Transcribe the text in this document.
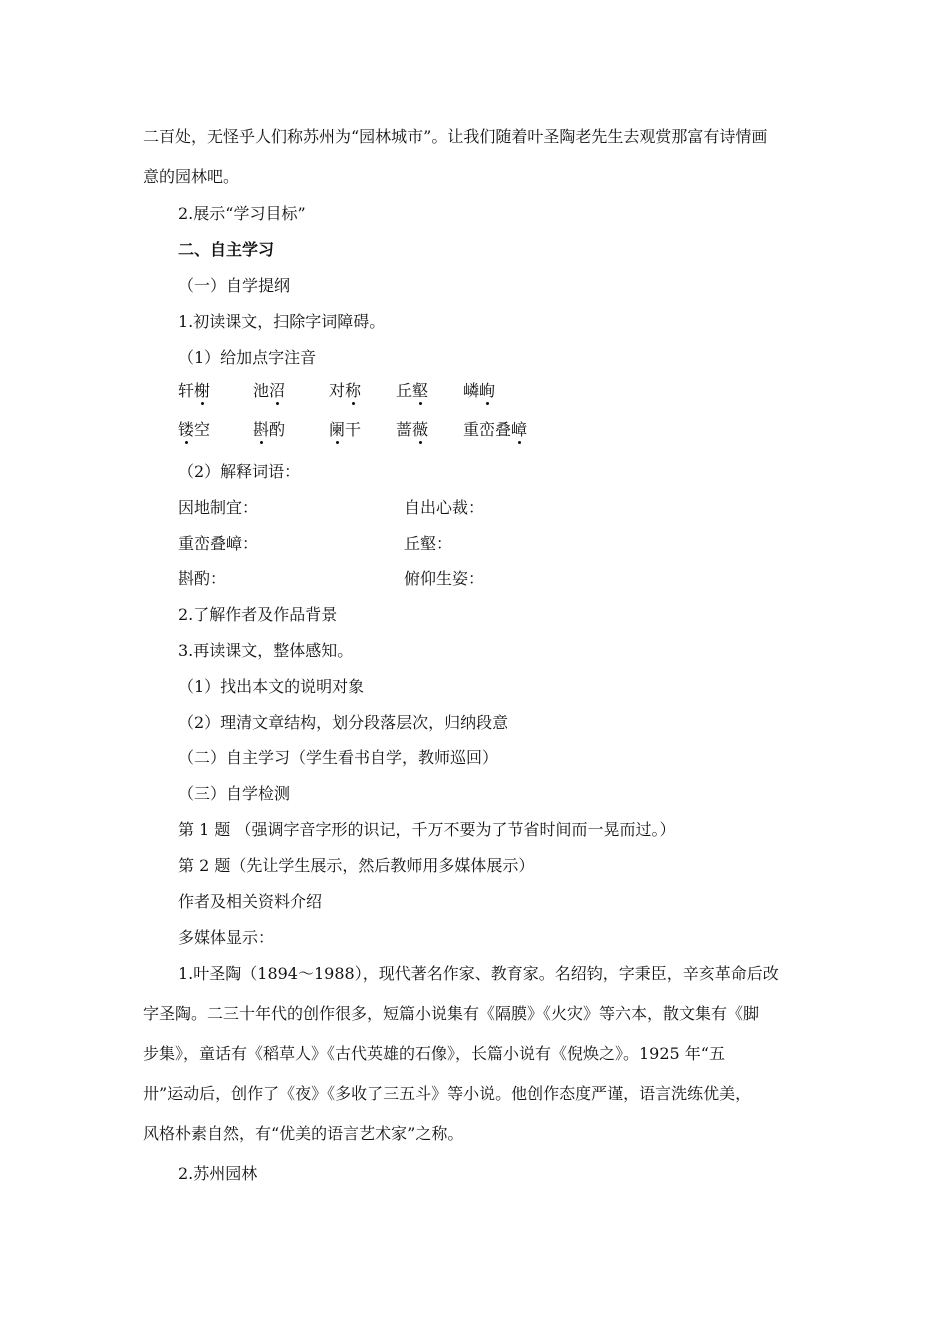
二百处，无怪乎人们称苏州为“园林城市”。让我们随着叶圣陶老先生去观赏那富有诗情画
意的园林吧。
2.展示“学习目标”
二、自主学习
（一）自学提纲
1.初读课文，扫除字词障碍。
（1）给加点字注音
轩榭	池沼	对称 丘壑 嶙峋
镂空	斟酌	阑干 蔷薇 重峦叠嶂
（2）解释词语：
因地制宜：	自出心裁：
重峦叠嶂：	丘壑：
斟酌：	俯仰生姿：
2.了解作者及作品背景
3.再读课文，整体感知。
（1）找出本文的说明对象
（2）理清文章结构，划分段落层次，归纳段意
（二）自主学习（学生看书自学，教师巡回）
（三）自学检测
第 1 题 （强调字音字形的识记，千万不要为了节省时间而一晃而过。）
第 2 题（先让学生展示，然后教师用多媒体展示）
作者及相关资料介绍
多媒体显示：
1.叶圣陶（1894～1988），现代著名作家、教育家。名绍钧，字秉臣，辛亥革命后改
字圣陶。二三十年代的创作很多，短篇小说集有《隔膜》《火灾》等六本，散文集有《脚
步集》，童话有《稻草人》《古代英雄的石像》，长篇小说有《倪焕之》。1925 年“五
卅”运动后，创作了《夜》《多收了三五斗》等小说。他创作态度严谨，语言洗练优美，
风格朴素自然，有“优美的语言艺术家”之称。
2.苏州园林
